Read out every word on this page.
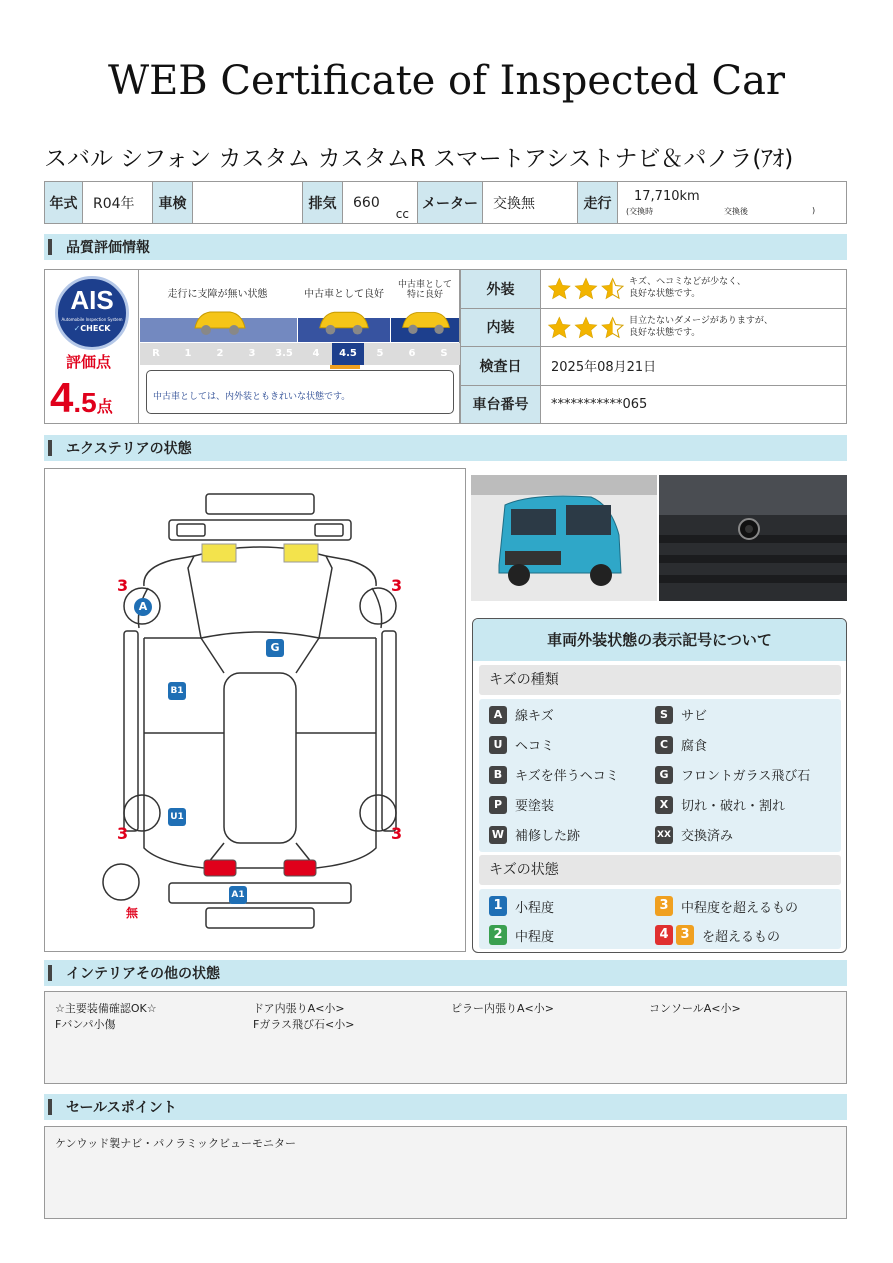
WEB Certificate of Inspected Car
スバル シフォン カスタム カスタムR スマートアシストナビ＆パノラ(ｱｵ)
年式	R04年	車検		排気	660
cc
	メーター	交換無	走行	17,710km
(交換時	交換後	)
品質評価情報
AIS
Automobile Inspection System
✓CHECK
評価点
4.5点
走行に支障が無い状態	中古車として良好
中古車として
特に良好
R	1	2	3	3.5	4	4.5	5	6	S
中古車としては、内外装ともきれいな状態です。
外装	キズ、ヘコミなどが少なく、
良好な状態です。

内装	目立たないダメージがありますが、
良好な状態です。

検査日	2025年08月21日
車台番号	***********065
エクステリアの状態
3	3
3	3
無
A
G
B1
U1
A1
車両外装状態の表示記号について
キズの種類
A 線キズ	S	サビ
U ヘコミ	C 腐食
B キズを伴うヘコミ	G フロントガラス飛び石
P 要塗装	X 切れ・破れ・割れ
W 補修した跡	XX 交換済み
キズの状態
1 小程度	3 中程度を超えるもの
2 中程度	4 3 を超えるもの
インテリアその他の状態
☆主要装備確認OK☆	ドア内張りA<小>	ピラー内張りA<小>	コンソールA<小>
Fバンパ小傷	Fガラス飛び石<小>
セールスポイント
ケンウッド製ナビ・パノラミックビューモニター
